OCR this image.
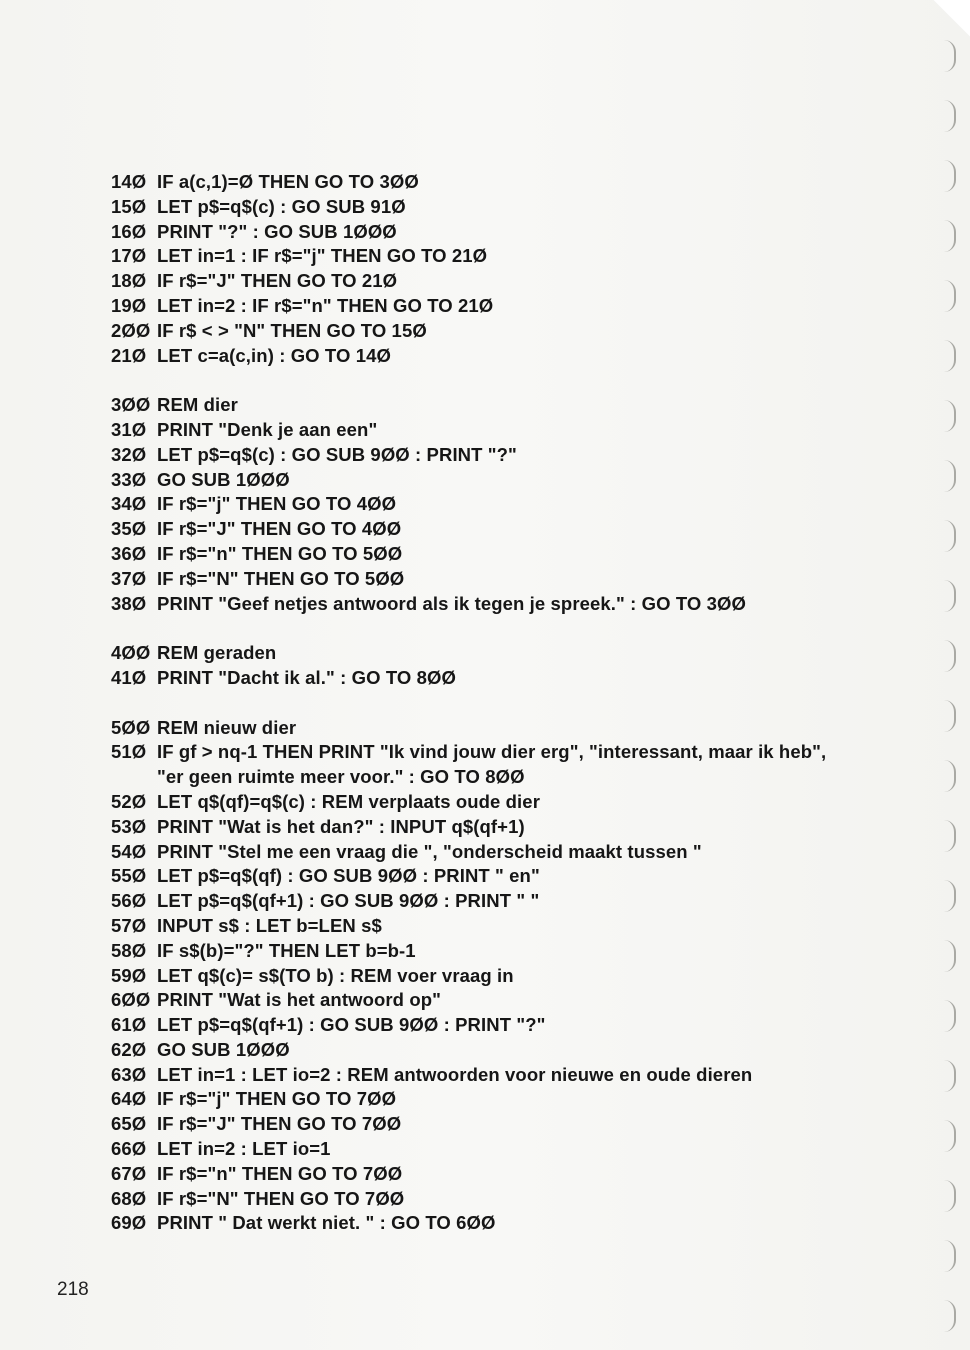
14Ø IF a(c,1)=Ø THEN GO TO 3ØØ
15Ø LET p$=q$(c) : GO SUB 91Ø
16Ø PRINT "?" : GO SUB 1ØØØ
17Ø LET in=1 : IF r$="j" THEN GO TO 21Ø
18Ø IF r$="J" THEN GO TO 21Ø
19Ø LET in=2 : IF r$="n" THEN GO TO 21Ø
2ØØ IF r$ < > "N" THEN GO TO 15Ø
21Ø LET c=a(c,in) : GO TO 14Ø
3ØØ REM dier
31Ø PRINT "Denk je aan een"
32Ø LET p$=q$(c) : GO SUB 9ØØ : PRINT "?"
33Ø GO SUB 1ØØØ
34Ø IF r$="j" THEN GO TO 4ØØ
35Ø IF r$="J" THEN GO TO 4ØØ
36Ø IF r$="n" THEN GO TO 5ØØ
37Ø IF r$="N" THEN GO TO 5ØØ
38Ø PRINT "Geef netjes antwoord als ik tegen je spreek." : GO TO 3ØØ
4ØØ REM geraden
41Ø PRINT "Dacht ik al." : GO TO 8ØØ
5ØØ REM nieuw dier
51Ø IF gf > nq-1 THEN PRINT "Ik vind jouw dier erg", "interessant, maar ik heb", "er geen ruimte meer voor." : GO TO 8ØØ
52Ø LET q$(qf)=q$(c) : REM verplaats oude dier
53Ø PRINT "Wat is het dan?" : INPUT q$(qf+1)
54Ø PRINT "Stel me een vraag die ", "onderscheid maakt tussen "
55Ø LET p$=q$(qf) : GO SUB 9ØØ : PRINT " en"
56Ø LET p$=q$(qf+1) : GO SUB 9ØØ : PRINT " "
57Ø INPUT s$ : LET b=LEN s$
58Ø IF s$(b)="?" THEN LET b=b-1
59Ø LET q$(c)= s$(TO b) : REM voer vraag in
6ØØ PRINT "Wat is het antwoord op"
61Ø LET p$=q$(qf+1) : GO SUB 9ØØ : PRINT "?"
62Ø GO SUB 1ØØØ
63Ø LET in=1 : LET io=2 : REM antwoorden voor nieuwe en oude dieren
64Ø IF r$="j" THEN GO TO 7ØØ
65Ø IF r$="J" THEN GO TO 7ØØ
66Ø LET in=2 : LET io=1
67Ø IF r$="n" THEN GO TO 7ØØ
68Ø IF r$="N" THEN GO TO 7ØØ
69Ø PRINT " Dat werkt niet. " : GO TO 6ØØ
218
